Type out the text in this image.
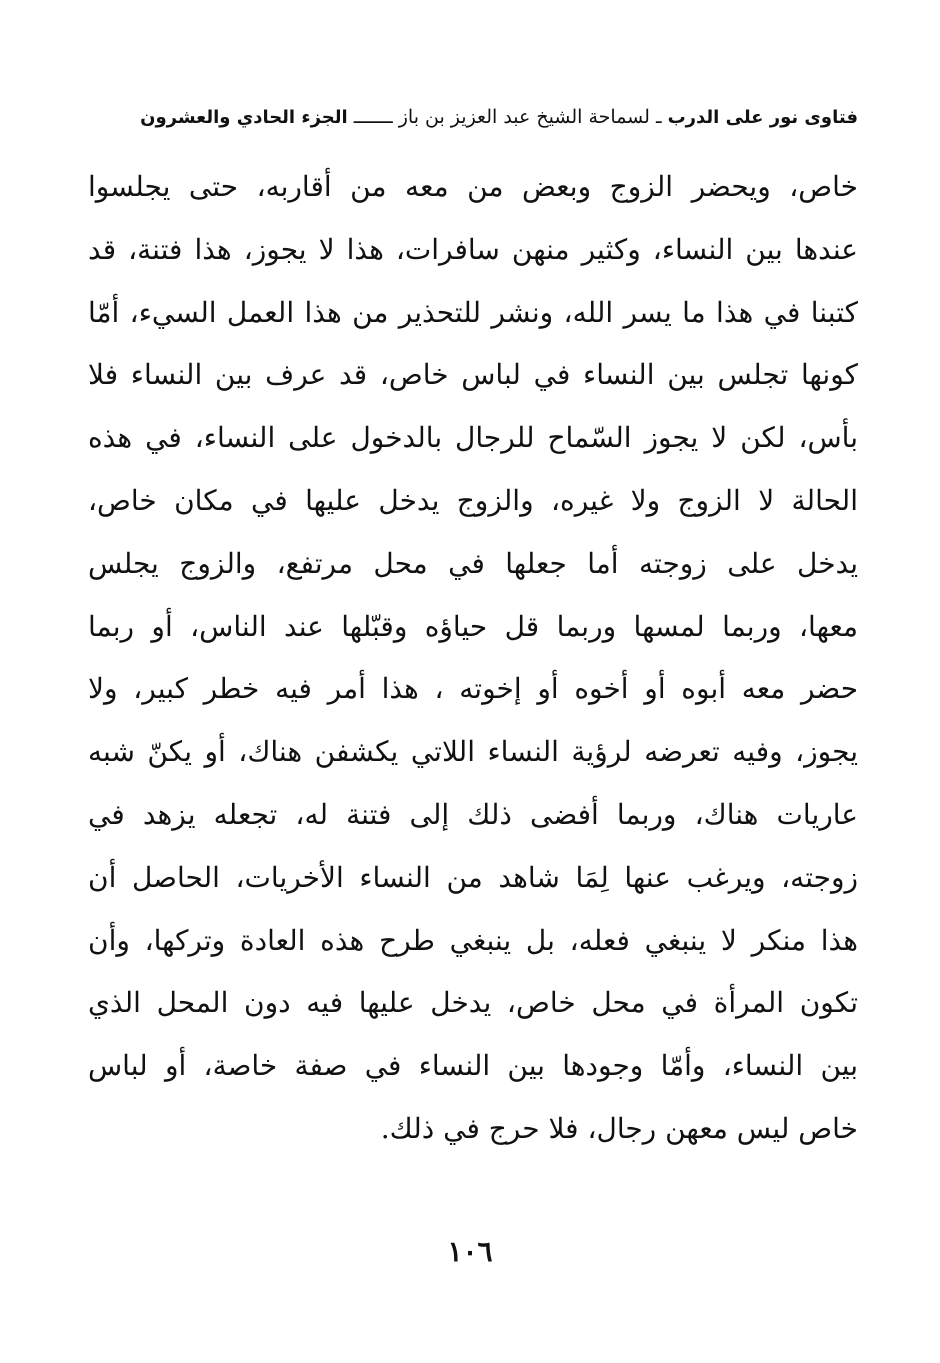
فتاوى نور على الدرب ـ لسماحة الشيخ عبد العزيز بن باز ـــــــ الجزء الحادي والعشرون
خاص، ويحضر الزوج وبعض من معه من أقاربه، حتى يجلسوا
عندها بين النساء، وكثير منهن سافرات، هذا لا يجوز، هذا فتنة، قد
كتبنا في هذا ما يسر الله، ونشر للتحذير من هذا العمل السيء، أمّا
كونها تجلس بين النساء في لباس خاص، قد عرف بين النساء فلا
بأس، لكن لا يجوز السّماح للرجال بالدخول على النساء، في هذه
الحالة لا الزوج ولا غيره، والزوج يدخل عليها في مكان خاص،
يدخل على زوجته أما جعلها في محل مرتفع، والزوج يجلس
معها، وربما لمسها وربما قل حياؤه وقبّلها عند الناس، أو ربما
حضر معه أبوه أو أخوه أو إخوته ، هذا أمر فيه خطر كبير، ولا
يجوز، وفيه تعرضه لرؤية النساء اللاتي يكشفن هناك، أو يكنّ شبه
عاريات هناك، وربما أفضى ذلك إلى فتنة له، تجعله يزهد في
زوجته، ويرغب عنها لِمَا شاهد من النساء الأخريات، الحاصل أن
هذا منكر لا ينبغي فعله، بل ينبغي طرح هذه العادة وتركها، وأن
تكون المرأة في محل خاص، يدخل عليها فيه دون المحل الذي
بين النساء، وأمّا وجودها بين النساء في صفة خاصة، أو لباس
خاص ليس معهن رجال، فلا حرج في ذلك.
١٠٦
